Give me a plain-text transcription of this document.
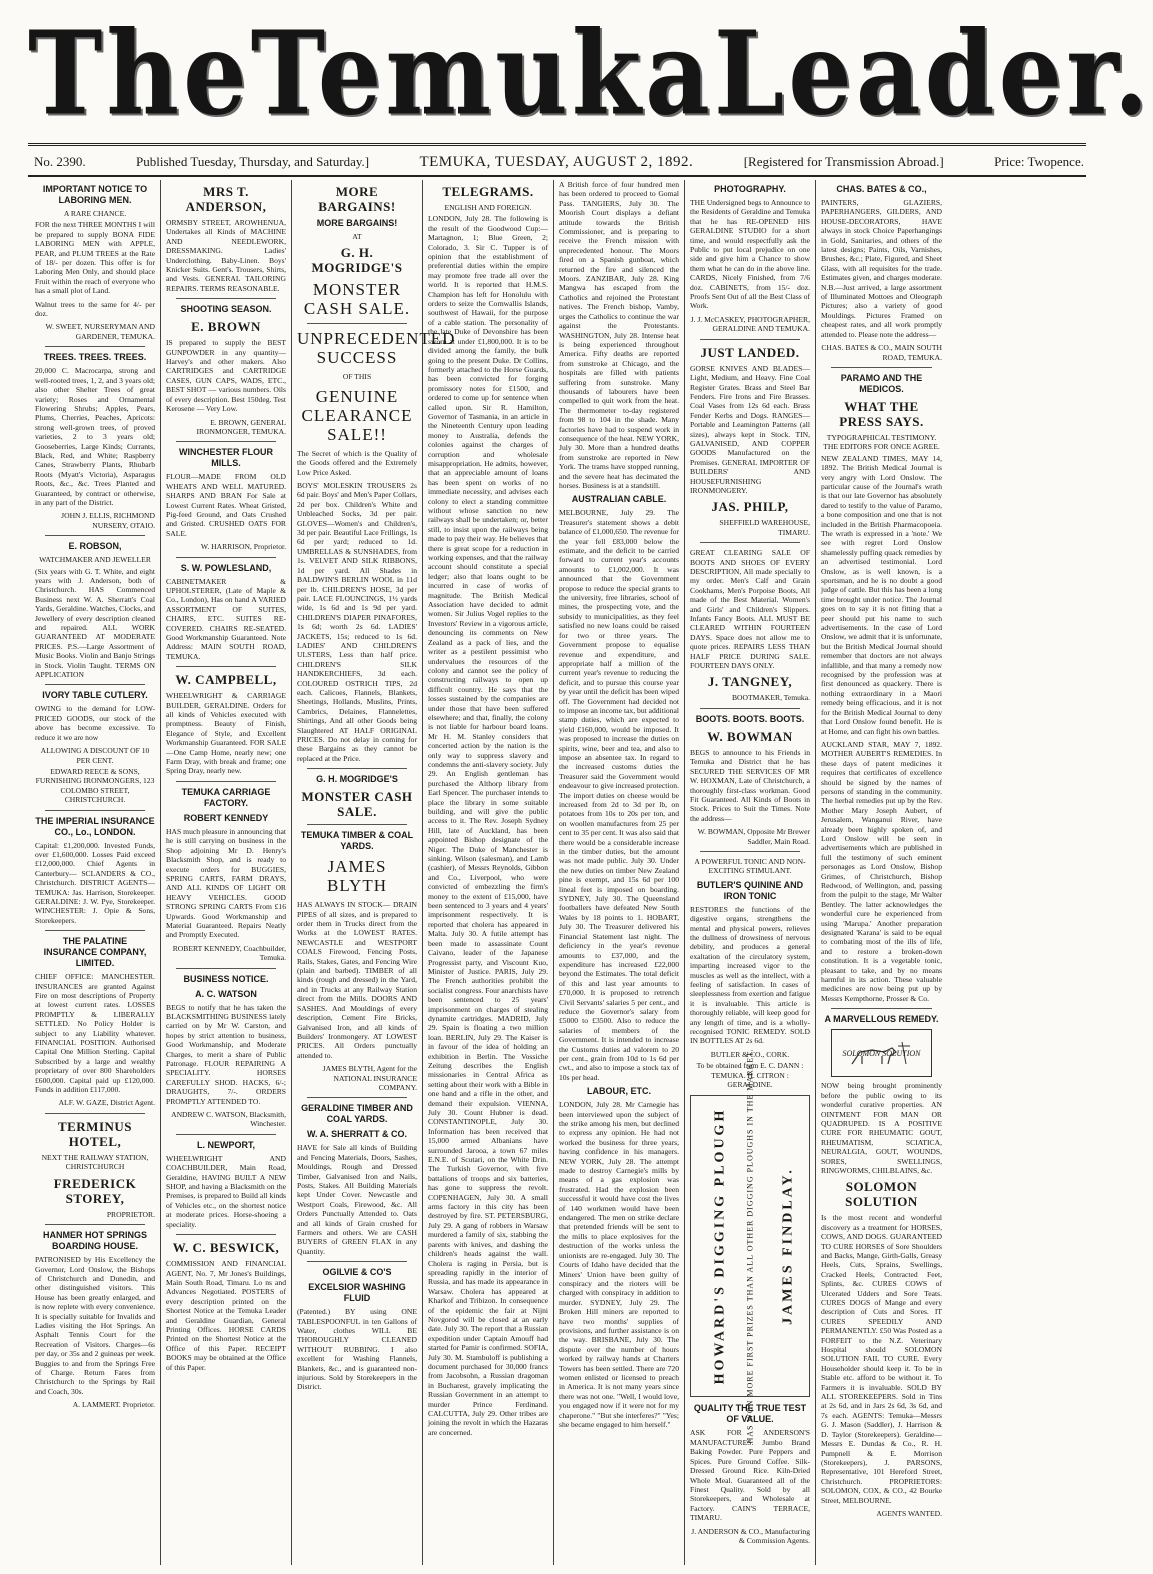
The Temuka Leader.
No. 2390.	Published Tuesday, Thursday, and Saturday.]	TEMUKA, TUESDAY, AUGUST 2, 1892.	[Registered for Transmission Abroad.]	Price: Twopence.
IMPORTANT NOTICE TO LABORING MEN.
A RARE CHANCE.

FOR the next THREE MONTHS I will be prepared to supply BONA FIDE LABORING MEN with APPLE, PEAR, and PLUM TREES at the Rate of 18/- per dozen. This offer is for Laboring Men Only, and should place Fruit within the reach of everyone who has a small plot of Land.

Walnut trees to the same for 4/- per doz.

W. SWEET, NURSERYMAN AND GARDENER, TEMUKA.
TREES. TREES. TREES.

20,000 C. Macrocarpa, strong and well-rooted trees, 1, 2, and 3 years old; also other Shelter Trees of great variety; Roses and Ornamental Flowering Shrubs; Apples, Pears, Plums, Cherries, Peaches, Apricots: strong well-grown trees, of proved varieties, 2 to 3 years old; Gooseberries, Large Kinds; Currants, Black, Red, and White; Raspberry Canes, Strawberry Plants, Rhubarb Roots (Myatt's Victoria), Asparagus Roots, &c., &c. Trees Planted and Guaranteed, by contract or otherwise, in any part of the District.

JOHN J. ELLIS, RICHMOND NURSERY, OTAIO.
E. ROBSON,
WATCHMAKER AND JEWELLER

(Six years with G. T. White, and eight years with J. Anderson, both of Christchurch. HAS Commenced Business next W. A. Sherratt's Coal Yards, Geraldine. Watches, Clocks, and Jewellery of every description cleaned and repaired. ALL WORK GUARANTEED AT MODERATE PRICES. P.S.—Large Assortment of Music Books. Violin and Banjo Strings in Stock. Violin Taught. TERMS ON APPLICATION

IVORY TABLE CUTLERY.

OWING to the demand for LOW-PRICED GOODS, our stock of the above has become excessive. To reduce it we are now

ALLOWING A DISCOUNT OF 10 PER CENT.
EDWARD REECE & SONS, FURNISHING IRONMONGERS, 123 COLOMBO STREET, CHRISTCHURCH.
THE IMPERIAL INSURANCE CO., Lo., LONDON.

Capital: £1,200,000. Invested Funds, over £1,600,000. Losses Paid exceed £12,000,000. Chief Agents in Canterbury— SCLANDERS & CO., Christchurch. DISTRICT AGENTS— TEMUKA: Jas. Harrison, Storekeeper. GERALDINE: J. W. Pye, Storekeeper. WINCHESTER: J. Opie & Sons, Storekeepers.

THE PALATINE INSURANCE COMPANY, LIMITED.

CHIEF OFFICE: MANCHESTER. INSURANCES are granted Against Fire on most descriptions of Property at lowest current rates. LOSSES PROMPTLY & LIBERALLY SETTLED. No Policy Holder is subject to any Liability whatever. FINANCIAL POSITION. Authorised Capital One Million Sterling. Capital Subscribed by a large and wealthy proprietary of over 800 Shareholders £600,000. Capital paid up £120,000. Funds in addition £117,000.

ALF. W. GAZE, District Agent.
TERMINUS HOTEL,
NEXT THE RAILWAY STATION, CHRISTCHURCH
FREDERICK STOREY,
PROPRIETOR.
HANMER HOT SPRINGS BOARDING HOUSE.

PATRONISED by His Excellency the Governor, Lord Onslow, the Bishops of Christchurch and Dunedin, and other distinguished visitors. This House has been greatly enlarged, and is now replete with every convenience. It is specially suitable for Invalids and Ladies visiting the Hot Springs. An Asphalt Tennis Court for the Recreation of Visitors. Charges—6s per day, or 35s and 2 guineas per week. Buggies to and from the Springs Free of Charge. Return Fares from Christchurch to the Springs by Rail and Coach, 30s.

A. LAMMERT. Proprietor.
MRS T. ANDERSON,

ORMSBY STREET, AROWHENUA, Undertakes all Kinds of MACHINE AND NEEDLEWORK, DRESSMAKING. Ladies' Underclothing. Baby-Linen. Boys' Knicker Suits. Gent's. Trousers, Shirts, and Vests. GENERAL TAILORING REPAIRS. TERMS REASONABLE.

SHOOTING SEASON.
E. BROWN

IS prepared to supply the BEST GUNPOWDER in any quantity—Harvey's and other makers. Also CARTRIDGES and CARTRIDGE CASES, GUN CAPS, WADS, ETC., BEST SHOT — various numbers. Oils of every description. Best 150deg. Test Kerosene — Very Low.

E. BROWN, GENERAL IRONMONGER, TEMUKA.
WINCHESTER FLOUR MILLS.

FLOUR—MADE FROM OLD WHEATS AND WELL MATURED. SHARPS AND BRAN For Sale at Lowest Current Rates. Wheat Gristed, Pig-feed Ground, and Oats Crushed and Gristed. CRUSHED OATS FOR SALE.

W. HARRISON, Proprietor.
S. W. POWLESLAND,

CABINETMAKER & UPHOLSTERER, (Late of Maple & Co., London), Has on hand A VARIED ASSORTMENT OF SUITES, CHAIRS, ETC. SUITES RE-COVERED. CHAIRS RE-SEATED. Good Workmanship Guaranteed. Note Address: MAIN SOUTH ROAD, TEMUKA.

W. CAMPBELL,

WHEELWRIGHT & CARRIAGE BUILDER, GERALDINE. Orders for all kinds of Vehicles executed with promptness. Beauty of Finish, Elegance of Style, and Excellent Workmanship Guaranteed. FOR SALE—One Camp Home, nearly new; one Farm Dray, with break and frame; one Spring Dray, nearly new.

TEMUKA CARRIAGE FACTORY.
ROBERT KENNEDY

HAS much pleasure in announcing that he is still carrying on business in the Shop adjoining Mr D. Henry's Blacksmith Shop, and is ready to execute orders for BUGGIES, SPRING CARTS, FARM DRAYS, AND ALL KINDS OF LIGHT OR HEAVY VEHICLES. GOOD STRONG SPRING CARTS From £16 Upwards. Good Workmanship and Material Guaranteed. Repairs Neatly and Promptly Executed.

ROBERT KENNEDY, Coachbuilder, Temuka.
BUSINESS NOTICE.
A. C. WATSON

BEGS to notify that he has taken the BLACKSMITHING BUSINESS lately carried on by Mr W. Carston, and hopes by strict attention to business, Good Workmanship, and Moderate Charges, to merit a share of Public Patronage. FLOUR REPAIRING A SPECIALITY. HORSES CAREFULLY SHOD. HACKS, 6/-; DRAUGHTS, 7/-. ORDERS PROMPTLY ATTENDED TO.

ANDREW C. WATSON, Blacksmith, Winchester.
L. NEWPORT,

WHEELWRIGHT AND COACHBUILDER, Main Road, Geraldine, HAVING BUILT A NEW SHOP, and having a Blacksmith on the Premises, is prepared to Build all kinds of Vehicles etc., on the shortest notice at moderate prices. Horse-shoeing a speciality.

W. C. BESWICK,

COMMISSION AND FINANCIAL AGENT, No. 7, Mr Jones's Buildings, Main South Road, Timaru. Lo ns and Advances Negotiated. POSTERS of every description printed on the Shortest Notice at the Temuka Leader and Geraldine Guardian, General Printing Offices. HORSE CARDS Printed on the Shortest Notice at the Office of this Paper. RECEIPT BOOKS may be obtained at the Office of this Paper.

MORE BARGAINS!
MORE BARGAINS!
AT
G. H. MOGRIDGE'S
MONSTER CASH SALE.
UNPRECEDENTED SUCCESS
OF THIS
GENUINE CLEARANCE SALE!!

The Secret of which is the Quality of the Goods offered and the Extremely Low Price Asked.

BOYS' MOLESKIN TROUSERS 2s 6d pair. Boys' and Men's Paper Collars, 2d per box. Children's White and Unbleached Socks, 3d per pair. GLOVES—Women's and Children's, 3d per pair. Beautiful Lace Frillings, 1s 6d per yard; reduced to 1d. UMBRELLAS & SUNSHADES, from 1s. VELVET AND SILK RIBBONS, 1d per yard. All Shades in BALDWIN'S BERLIN WOOL in 11d per lb. CHILDREN'S HOSE, 3d per pair. LACE FLOUNCINGS, 1½ yards wide, 1s 6d and 1s 9d per yard. CHILDREN'S DIAPER PINAFORES, 1s 6d; worth 2s 6d. LADIES' JACKETS, 15s; reduced to 1s 6d. LADIES' AND CHILDREN'S ULSTERS, Less than half price. CHILDREN'S SILK HANDKERCHIEFS, 3d each. COLOURED OSTRICH TIPS, 2d each. Calicoes, Flannels, Blankets, Sheetings, Hollands, Muslins, Prints, Cambrics, Delaines, Flannelettes, Shirtings, And all other Goods being Slaughtered AT HALF ORIGINAL PRICES. Do not delay in coming for these Bargains as they cannot be replaced at the Price.

G. H. MOGRIDGE'S
MONSTER CASH SALE.
TEMUKA TIMBER & COAL YARDS.
JAMES BLYTH

HAS ALWAYS IN STOCK— DRAIN PIPES of all sizes, and is prepared to order them in Trucks direct from the Works at the LOWEST RATES. NEWCASTLE and WESTPORT COALS Firewood, Fencing Posts, Rails, Stakes, Gates, and Fencing Wire (plain and barbed). TIMBER of all kinds (rough and dressed) in the Yard, and in Trucks at any Railway Station direct from the Mills. DOORS AND SASHES. And Mouldings of every description, Cement Fire Bricks, Galvanised Iron, and all kinds of Builders' Ironmongery. AT LOWEST PRICES. All Orders punctually attended to.

JAMES BLYTH, Agent for the NATIONAL INSURANCE COMPANY.
GERALDINE TIMBER AND COAL YARDS.
W. A. SHERRATT & CO.

HAVE for Sale all kinds of Building and Fencing Materials, Doors, Sashes, Mouldings, Rough and Dressed Timber, Galvanised Iron and Nails, Posts, Stakes. All Building Materials kept Under Cover. Newcastle and Westport Coals, Firewood, &c. All Orders Punctually Attended to. Oats and all kinds of Grain crushed for Farmers and others. We are CASH BUYERS of GREEN FLAX in any Quantity.

OGILVIE & CO'S
EXCELSIOR WASHING FLUID

(Patented.) BY using ONE TABLESPOONFUL in ten Gallons of Water, clothes WILL BE THOROUGHLY CLEANED WITHOUT RUBBING. I also excellent for Washing Flannels, Blankets, &c., and is guaranteed non-injurious. Sold by Storekeepers in the District.

TELEGRAMS.
ENGLISH AND FOREIGN.

LONDON, July 28. The following is the result of the Goodwood Cup:— Martagnon, 1; Blue Green, 2; Colorado, 3. Sir C. Tupper is of opinion that the establishment of preferential duties within the empire may promote free trade all over the world. It is reported that H.M.S. Champion has left for Honolulu with orders to seize the Cornwallis Islands, southwest of Hawaii, for the purpose of a cable station. The personality of the late Duke of Devonshire has been sworn at under £1,800,000. It is to be divided among the family, the bulk going to the present Duke. Dr Collins, formerly attached to the Horse Guards, has been convicted for forging promissory notes for £1500, and ordered to come up for sentence when called upon. Sir R. Hamilton, Governor of Tasmania, in an article in the Nineteenth Century upon leading money to Australia, defends the colonies against the charges of corruption and wholesale misappropriation. He admits, however, that an appreciable amount of loans has been spent on works of no immediate necessity, and advises each colony to elect a standing committee without whose sanction no new railways shall be undertaken; or, better still, to insist upon the railways being made to pay their way. He believes that there is great scope for a reduction in working expenses, and that the railway account should constitute a special ledger; also that loans ought to be incurred in case of works of magnitude. The British Medical Association have decided to admit women. Sir Julius Vogel replies to the Investors' Review in a vigorous article, denouncing its comments on New Zealand as a pack of lies, and the writer as a pestilent pessimist who undervalues the resources of the colony and cannot see the policy of constructing railways to open up difficult country. He says that the losses sustained by the companies are under those that have been suffered elsewhere; and that, finally, the colony is not liable for harbour board loans. Mr H. M. Stanley considers that concerted action by the nation is the only way to suppress slavery and condemns the anti-slavery society. July 29. An English gentleman has purchased the Althorp library from Earl Spencer. The purchaser intends to place the library in some suitable building, and will give the public access to it. The Rev. Joseph Sydney Hill, late of Auckland, has been appointed Bishop designate of the Niger. The Duke of Manchester is sinking. Wilson (salesman), and Lamb (cashier), of Messrs Reynolds, Gibbon and Co., Liverpool, who were convicted of embezzling the firm's money to the extent of £15,000, have been sentenced to 3 years and 4 years' imprisonment respectively. It is reported that cholera has appeared in Malta. July 30. A futile attempt has been made to assassinate Count Caivano, leader of the Japanese Progressist party, and Viscount Kuo, Minister of Justice. PARIS, July 29. The French authorities prohibit the socialist congress. Four anarchists have been sentenced to 25 years' imprisonment on charges of stealing dynamite cartridges. MADRID, July 29. Spain is floating a two million loan. BERLIN, July 29. The Kaiser is in favour of the idea of holding an exhibition in Berlin. The Vossiche Zeitung describes the English missionaries in Central Africa as setting about their work with a Bible in one hand and a rifle in the other, and demand their expulsion. VIENNA, July 30. Count Hubner is dead. CONSTANTINOPLE, July 30. Information has been received that 15,000 armed Albanians have surrounded Jarooa, a town 67 miles E.N.E. of Scutari, on the White Drin. The Turkish Governor, with five battalions of troops and six batteries, has gone to suppress the revolt. COPENHAGEN, July 30. A small arms factory in this city has been destroyed by fire. ST. PETERSBURG, July 29. A gang of robbers in Warsaw murdered a family of six, stabbing the parents with knives, and dashing the children's heads against the wall. Cholera is raging in Persia, but is spreading rapidly in the interior of Russia, and has made its appearance in Warsaw. Cholera has appeared at Kharkof and Tribizon. In consequence of the epidemic the fair at Nijni Novgorod will be closed at an early date. July 30. The report that a Russian expedition under Captain Amouff had started for Pamir is confirmed. SOFIA, July 30. M. Stambuloff is publishing a document purchased for 30,000 francs from Jacobsohn, a Russian dragoman in Bucharest, gravely implicating the Russian Government in an attempt to murder Prince Ferdinand. CALCUTTA, July 29. Other tribes are joining the revolt in which the Hazaras are concerned.

A British force of four hundred men has been ordered to proceed to Gomal Pass. TANGIERS, July 30. The Moorish Court displays a defiant attitude towards the British Commissioner, and is preparing to receive the French mission with unprecedented honour. The Moors fired on a Spanish gunboat, which returned the fire and silenced the Moors. ZANZIBAR, July 28. King Mangwa has escaped from the Catholics and rejoined the Protestant natives. The French bishop, Vamby, urges the Catholics to continue the war against the Protestants. WASHINGTON, July 28. Intense heat is being experienced throughout America. Fifty deaths are reported from sunstroke at Chicago, and the hospitals are filled with patients suffering from sunstroke. Many thousands of labourers have been compelled to quit work from the heat. The thermometer to-day registered from 98 to 104 in the shade. Many factories have had to suspend work in consequence of the heat. NEW YORK, July 30. More than a hundred deaths from sunstroke are reported in New York. The trams have stopped running, and the severe heat has decimated the horses. Business is at a standstill.

AUSTRALIAN CABLE.

MELBOURNE, July 29. The Treasurer's statement shows a debit balance of £1,000,650. The revenue for the year fell £83,000 below the estimate, and the deficit to be carried forward to current year's accounts amounts to £1,002,000. It was announced that the Government propose to reduce the special grants to the university, free libraries, school of mines, the prospecting vote, and the subsidy to municipalities, as they feel satisfied no new loans could be raised for two or three years. The Government propose to equalise revenue and expenditure, and appropriate half a million of the current year's revenue to reducing the deficit, and to pursue this course year by year until the deficit has been wiped off. The Government had decided not to impose an income tax, but additional stamp duties, which are expected to yield £160,000, would be imposed. It was proposed to increase the duties on spirits, wine, beer and tea, and also to impose an absentee tax. In regard to the increased customs duties the Treasurer said the Government would endeavour to give increased protection. The import duties on cheese would be increased from 2d to 3d per lb, on potatoes from 10s to 20s per ton, and on woollen manufactures from 25 per cent to 35 per cent. It was also said that there would be a considerable increase in the timber duties, but the amount was not made public. July 30. Under the new duties on timber New Zealand pine is exempt, and 15s 6d per 100 lineal feet is imposed on boarding. SYDNEY, July 30. The Queensland footballers have defeated New South Wales by 18 points to 1. HOBART, July 30. The Treasurer delivered his Financial Statement last night. The deficiency in the year's revenue amounts to £37,000, and the expenditure has increased £22,000 beyond the Estimates. The total deficit of this and last year amounts to £70,000. It is proposed to retrench Civil Servants' salaries 5 per cent., and reduce the Governor's salary from £5000 to £3500. Also to reduce the salaries of members of the Government. It is intended to increase the Customs duties ad valorem to 20 per cent., grain from 10d to 1s 6d per cwt., and also to impose a stock tax of 10s per head.

LABOUR, ETC.

LONDON, July 28. Mr Carnegie has been interviewed upon the subject of the strike among his men, but declined to express any opinion. He had not worked the business for three years, having confidence in his managers. NEW YORK, July 28. The attempt made to destroy Carnegie's mills by means of a gas explosion was frustrated. Had the explosion been successful it would have cost the lives of 140 workmen would have been endangered. The men on strike declare that pretended friends will be sent to the mills to place explosives for the destruction of the works unless the unionists are re-engaged. July 30. The Courts of Idaho have decided that the Miners' Union have been guilty of conspiracy and the rioters will be charged with conspiracy in addition to murder. SYDNEY, July 29. The Broken Hill miners are reported to have two months' supplies of provisions, and further assistance is on the way. BRISBANE, July 30. The dispute over the number of hours worked by railway hands at Charters Towers has been settled. There are 720 women enlisted or licensed to preach in America. It is not many years since there was not one. "Well, I would love, you engaged now if it were not for my chaperone." "But she interferes?" "Yes; she became engaged to him herself."

PHOTOGRAPHY.

THE Undersigned begs to Announce to the Residents of Geraldine and Temuka that he has RE-OPENED HIS GERALDINE STUDIO for a short time, and would respectfully ask the Public to put local prejudice on one side and give him a Chance to show them what he can do in the above line. CARDS, Nicely Finished, from 7/6 doz. CABINETS, from 15/- doz. Proofs Sent Out of all the Best Class of Work.

J. J. McCASKEY, PHOTOGRAPHER, GERALDINE AND TEMUKA.
JUST LANDED.

GORSE KNIVES AND BLADES—Light, Medium, and Heavy. Fine Coal Register Grates. Brass and Steel Bar Fenders. Fire Irons and Fire Brasses. Coal Vases from 12s 6d each. Brass Fender Kerbs and Dogs. RANGES—Portable and Leamington Patterns (all sizes), always kept in Stock. TIN, GALVANISED, AND COPPER GOODS Manufactured on the Premises. GENERAL IMPORTER OF BUILDERS' AND HOUSEFURNISHING IRONMONGERY.

JAS. PHILP,
SHEFFIELD WAREHOUSE, TIMARU.

GREAT CLEARING SALE OF BOOTS AND SHOES OF EVERY DESCRIPTION, All made specially to my order. Men's Calf and Grain Cookhams, Men's Porpoise Boots, All made of the Best Material. Women's and Girls' and Children's Slippers. Infants Fancy Boots. ALL MUST BE CLEARED WITHIN FOURTEEN DAYS. Space does not allow me to quote prices. REPAIRS LESS THAN HALF PRICE DURING SALE. FOURTEEN DAYS ONLY.

J. TANGNEY,
BOOTMAKER, Temuka.
BOOTS. BOOTS. BOOTS.
W. BOWMAN

BEGS to announce to his Friends in Temuka and District that he has SECURED THE SERVICES OF MR W. HOXMAN, Late of Christchurch, a thoroughly first-class workman. Good Fit Guaranteed. All Kinds of Boots in Stock. Prices to Suit the Times. Note the address—

W. BOWMAN, Opposite Mr Brewer Saddler, Main Road.
A POWERFUL TONIC AND NON-EXCITING STIMULANT.
BUTLER'S QUININE AND IRON TONIC

RESTORES the functions of the digestive organs, strengthens the mental and physical powers, relieves the dullness of drowsiness of nervous debility, and produces a general exaltation of the circulatory system, imparting increased vigor to the muscles as well as the intellect, with a feeling of satisfaction. In cases of sleeplessness from exertion and fatigue it is invaluable. This article is thoroughly reliable, will keep good for any length of time, and is a wholly-recognised TONIC REMEDY. SOLD IN BOTTLES AT 2s 6d.

BUTLER & CO., CORK.
To be obtained from E. C. DANN : TEMUKA. H. CITRON : GERALDINE.
HOWARD'S DIGGING PLOUGH HAS WON MORE FIRST PRIZES THAN ALL OTHER DIGGING PLOUGHS IN THE MARKET. JAMES FINDLAY.
QUALITY THE TRUE TEST OF VALUE.

ASK FOR ANDERSON'S MANUFACTURES. Jumbo Brand Baking Powder. Pure Peppers and Spices. Pure Ground Coffee. Silk-Dressed Ground Rice. Kiln-Dried Whole Meal. Guaranteed all of the Finest Quality. Sold by all Storekeepers, and Wholesale at Factory. CAIN'S TERRACE, TIMARU.

J. ANDERSON & CO., Manufacturing & Commission Agents.
CHAS. BATES & CO.,

PAINTERS, GLAZIERS, PAPERHANGERS, GILDERS, AND HOUSE-DECORATORS, HAVE always in stock Choice Paperhangings in Gold, Sanitaries, and others of the latest designs; Paints, Oils, Varnishes, Brushes, &c.; Plate, Figured, and Sheet Glass, with all requisites for the trade. Estimates given, and charges moderate. N.B.—Just arrived, a large assortment of Illuminated Mottoes and Oleograph Pictures; also a variety of good Mouldings. Pictures Framed on cheapest rates, and all work promptly attended to. Please note the address—

CHAS. BATES & CO., MAIN SOUTH ROAD, TEMUKA.
PARAMO AND THE MEDICOS.
WHAT THE PRESS SAYS.
TYPOGRAPHICAL TESTIMONY. THE EDITORS FOR ONCE AGREE.

NEW ZEALAND TIMES, MAY 14, 1892. The British Medical Journal is very angry with Lord Onslow. The particular cause of the Journal's wrath is that our late Governor has absolutely dared to testify to the value of Paramo, a bone composition and one that is not included in the British Pharmacopoeia. The wrath is expressed in a 'note.' We see with regret Lord Onslow shamelessly puffing quack remedies by an advertised testimonial. Lord Onslow, as is well known, is a sportsman, and he is no doubt a good judge of cattle. But this has been a long time brought under notice. The Journal goes on to say it is not fitting that a peer should put his name to such advertisements. In the case of Lord Onslow, we admit that it is unfortunate, but the British Medical Journal should remember that doctors are not always infallible, and that many a remedy now recognised by the profession was at first denounced as quackery. There is nothing extraordinary in a Maori remedy being efficacious, and it is not for the British Medical Journal to deny that Lord Onslow found benefit. He is at Home, and can fight his own battles.

AUCKLAND STAR, MAY 7, 1892. MOTHER AUBERT'S REMEDIES. In these days of patent medicines it requires that certificates of excellence should be signed by the names of persons of standing in the community. The herbal remedies put up by the Rev. Mother Mary Joseph Aubert, of Jerusalem, Wanganui River, have already been highly spoken of, and Lord Onslow will be seen in advertisements which are published in full the testimony of such eminent personages as Lord Onslow, Bishop Grimes, of Christchurch, Bishop Redwood, of Wellington, and, passing from the pulpit to the stage, Mr Walter Bentley. The latter acknowledges the wonderful cure he experienced from using 'Marupa.' Another preparation designated 'Karana' is said to be equal to combating most of the ills of life, and to restore a broken-down constitution. It is a vegetable tonic, pleasant to take, and by no means harmful in its action. These valuable medicines are now being put up by Messrs Kempthorne, Prosser & Co.

A MARVELLOUS REMEDY.
SOLOMON SOLUTION

NOW being brought prominently before the public owing to its wonderful curative properties. AN OINTMENT FOR MAN OR QUADRUPED. IS A POSITIVE CURE FOR RHEUMATIC GOUT, RHEUMATISM, SCIATICA, NEURALGIA, GOUT, WOUNDS, SORES, SWELLINGS, RINGWORMS, CHILBLAINS, &c.

SOLOMON SOLUTION

Is the most recent and wonderful discovery as a treatment for HORSES, COWS, AND DOGS. GUARANTEED TO CURE HORSES of Sore Shoulders and Backs, Mange, Girth-Galls, Greasy Heels, Cuts, Sprains, Swellings, Cracked Heels, Contracted Feet, Splints, &c. CURES COWS of Ulcerated Udders and Sore Teats. CURES DOGS of Mange and every description of Cuts and Sores. IT CURES SPEEDILY AND PERMANENTLY. £50 Was Posted as a FORFEIT to the N.Z. Veterinary Hospital should SOLOMON SOLUTION FAIL TO CURE. Every Householder should keep it. To be in Stable etc. afford to be without it. To Farmers it is invaluable. SOLD BY ALL STOREKEEPERS. Sold in Tins at 2s 6d, and in Jars 2s 6d, 3s 6d, and 7s each. AGENTS: Temuka—Messrs G. J. Mason (Saddler), J. Harrison & D. Taylor (Storekeepers). Geraldine—Messrs E. Dundas & Co., R. H. Pumpnell & E. Morrison (Storekeepers), J. PARSONS, Representative, 101 Hereford Street, Christchurch. PROPRIETORS: SOLOMON, COX, & CO., 42 Bourke Street, MELBOURNE.

AGENTS WANTED.
